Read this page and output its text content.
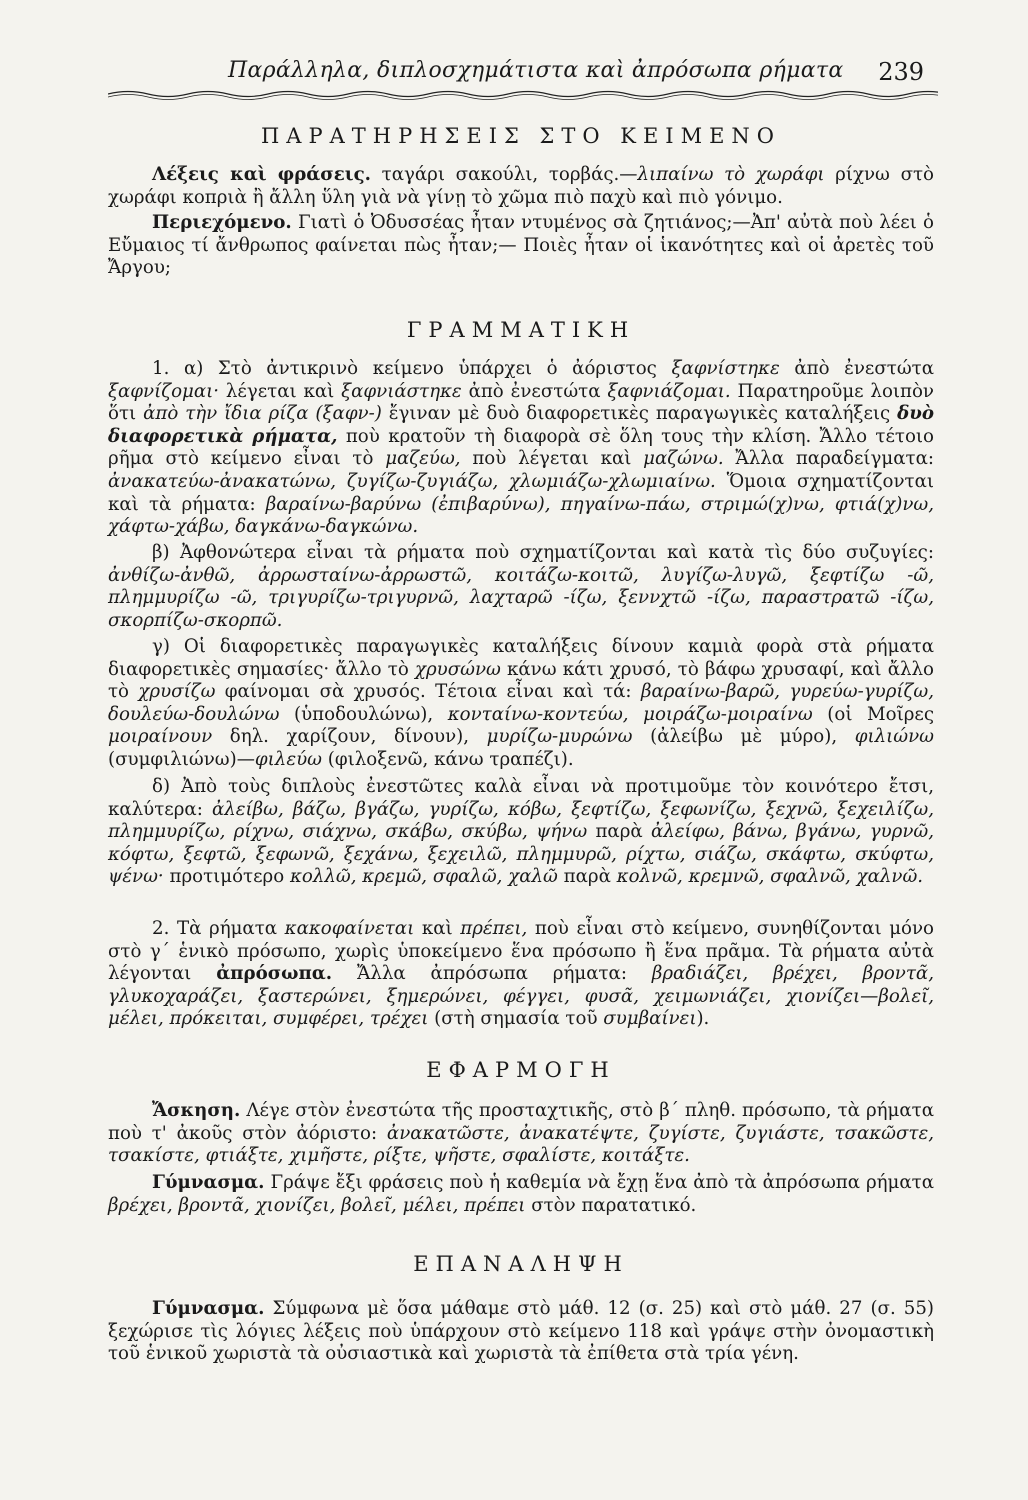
Παράλληλα, διπλοσχημάτιστα καὶ ἀπρόσωπα ρήματα 239
ΠΑΡΑΤΗΡΗΣΕΙΣ ΣΤΟ ΚΕΙΜΕΝΟ
Λέξεις καὶ φράσεις. ταγάρι σακούλι, τορβάς.—λιπαίνω τὸ χωράφι ρίχνω στὸ χωράφι κοπριὰ ἢ ἄλλη ὕλη γιὰ νὰ γίνῃ τὸ χῶμα πιὸ παχὺ καὶ πιὸ γόνιμο.
Περιεχόμενο. Γιατὶ ὁ Ὀδυσσέας ἦταν ντυμένος σὰ ζητιάνος;—Ἀπ' αὐτὰ ποὺ λέει ὁ Εὔμαιος τί ἄνθρωπος φαίνεται πὼς ἦταν;— Ποιὲς ἦταν οἱ ἱκανότητες καὶ οἱ ἀρετὲς τοῦ Ἄργου;
ΓΡΑΜΜΑΤΙΚΗ
1. α) Στὸ ἀντικρινὸ κείμενο ὑπάρχει ὁ ἀόριστος ξαφνίστηκε ἀπὸ ἐνεστώτα ξαφνίζομαι· λέγεται καὶ ξαφνιάστηκε ἀπὸ ἐνεστώτα ξαφνιάζομαι. Παρατηροῦμε λοιπὸν ὅτι ἀπὸ τὴν ἴδια ρίζα (ξαφν-) ἔγιναν μὲ δυὸ διαφορετικὲς παραγωγικὲς καταλήξεις δυὸ διαφορετικὰ ρήματα, ποὺ κρατοῦν τὴ διαφορὰ σὲ ὅλη τους τὴν κλίση. Ἄλλο τέτοιο ρῆμα στὸ κείμενο εἶναι τὸ μαζεύω, ποὺ λέγεται καὶ μαζώνω. Ἄλλα παραδείγματα: ἀνακατεύω-ἀνακατώνω, ζυγίζω-ζυγιάζω, χλωμιάζω-χλωμιαίνω. Ὅμοια σχηματίζονται καὶ τὰ ρήματα: βαραίνω-βαρύνω (ἐπιβαρύνω), πηγαίνω-πάω, στριμώ(χ)νω, φτιά(χ)νω, χάφτω-χάβω, δαγκάνω-δαγκώνω.
β) Ἀφθονώτερα εἶναι τὰ ρήματα ποὺ σχηματίζονται καὶ κατὰ τὶς δύο συζυγίες: ἀνθίζω-ἀνθῶ, ἀρρωσταίνω-ἀρρωστῶ, κοιτάζω-κοιτῶ, λυγίζω-λυγῶ, ξεφτίζω -ῶ, πλημμυρίζω -ῶ, τριγυρίζω-τριγυρνῶ, λαχταρῶ -ίζω, ξεννχτῶ -ίζω, παραστρατῶ -ίζω, σκορπίζω-σκορπῶ.
γ) Οἱ διαφορετικὲς παραγωγικὲς καταλήξεις δίνουν καμιὰ φορὰ στὰ ρήματα διαφορετικὲς σημασίες· ἄλλο τὸ χρυσώνω κάνω κάτι χρυσό, τὸ βάφω χρυσαφί, καὶ ἄλλο τὸ χρυσίζω φαίνομαι σὰ χρυσός. Τέτοια εἶναι καὶ τά: βαραίνω-βαρῶ, γυρεύω-γυρίζω, δουλεύω-δουλώνω (ὑποδουλώνω), κονταίνω-κοντεύω, μοιράζω-μοιραίνω (οἱ Μοῖρες μοιραίνουν δηλ. χαρίζουν, δίνουν), μυρίζω-μυρώνω (ἀλείβω μὲ μύρο), φιλιώνω (συμφιλιώνω)—φιλεύω (φιλοξενῶ, κάνω τραπέζι).
δ) Ἀπὸ τοὺς διπλοὺς ἐνεστῶτες καλὰ εἶναι νὰ προτιμοῦμε τὸν κοινότερο ἔτσι, καλύτερα: ἀλείβω, βάζω, βγάζω, γυρίζω, κόβω, ξεφτίζω, ξεφωνίζω, ξεχνῶ, ξεχειλίζω, πλημμυρίζω, ρίχνω, σιάχνω, σκάβω, σκύβω, ψήνω παρὰ ἀλείφω, βάνω, βγάνω, γυρνῶ, κόφτω, ξεφτῶ, ξεφωνῶ, ξεχάνω, ξεχειλῶ, πλημμυρῶ, ρίχτω, σιάζω, σκάφτω, σκύφτω, ψένω· προτιμότερο κολλῶ, κρεμῶ, σφαλῶ, χαλῶ παρὰ κολνῶ, κρεμνῶ, σφαλνῶ, χαλνῶ.
2. Τὰ ρήματα κακοφαίνεται καὶ πρέπει, ποὺ εἶναι στὸ κείμενο, συνηθίζονται μόνο στὸ γ΄ ἑνικὸ πρόσωπο, χωρὶς ὑποκείμενο ἕνα πρόσωπο ἢ ἕνα πρᾶμα. Τὰ ρήματα αὐτὰ λέγονται ἀπρόσωπα. Ἄλλα ἀπρόσωπα ρήματα: βραδιάζει, βρέχει, βροντᾶ, γλυκοχαράζει, ξαστερώνει, ξημερώνει, φέγγει, φυσᾶ, χειμωνιάζει, χιονίζει—βολεῖ, μέλει, πρόκειται, συμφέρει, τρέχει (στὴ σημασία τοῦ συμβαίνει).
ΕΦΑΡΜΟΓΗ
Ἄσκηση. Λέγε στὸν ἐνεστώτα τῆς προσταχτικῆς, στὸ β΄ πληθ. πρόσωπο, τὰ ρήματα ποὺ τ' ἀκοῦς στὸν ἀόριστο: ἀνακατῶστε, ἀνακατέψτε, ζυγίστε, ζυγιάστε, τσακῶστε, τσακίστε, φτιάξτε, χιμῆστε, ρίξτε, ψῆστε, σφαλίστε, κοιτάξτε.
Γύμνασμα. Γράψε ἔξι φράσεις ποὺ ἡ καθεμία νὰ ἔχῃ ἕνα ἀπὸ τὰ ἀπρόσωπα ρήματα βρέχει, βροντᾶ, χιονίζει, βολεῖ, μέλει, πρέπει στὸν παρατατικό.
ΕΠΑΝΑΛΗΨΗ
Γύμνασμα. Σύμφωνα μὲ ὅσα μάθαμε στὸ μάθ. 12 (σ. 25) καὶ στὸ μάθ. 27 (σ. 55) ξεχώρισε τὶς λόγιες λέξεις ποὺ ὑπάρχουν στὸ κείμενο 118 καὶ γράψε στὴν ὀνομαστικὴ τοῦ ἑνικοῦ χωριστὰ τὰ οὐσιαστικὰ καὶ χωριστὰ τὰ ἐπίθετα στὰ τρία γένη.
